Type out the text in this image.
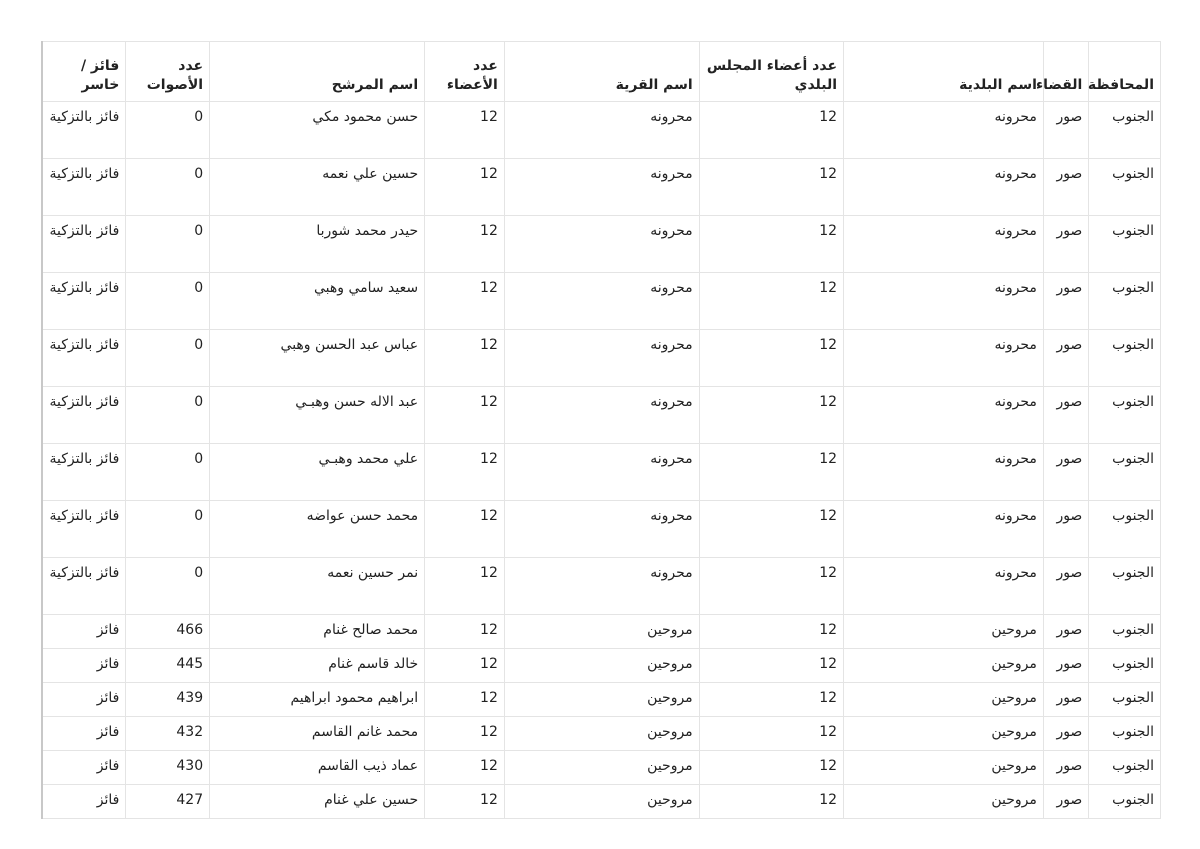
المحافظة	القضاء	اسم البلدية	عدد أعضاء المجلس البلدي	اسم القرية	عدد الأعضاء	اسم المرشح	عدد الأصوات	فائز / خاسر
الجنوب	صور	محرونه	12	محرونه	12	حسن محمود مكي	0	فائز بالتزكية
الجنوب	صور	محرونه	12	محرونه	12	حسين علي نعمه	0	فائز بالتزكية
الجنوب	صور	محرونه	12	محرونه	12	حيدر محمد شوربا	0	فائز بالتزكية
الجنوب	صور	محرونه	12	محرونه	12	سعيد سامي وهبي	0	فائز بالتزكية
الجنوب	صور	محرونه	12	محرونه	12	عباس عبد الحسن وهبي	0	فائز بالتزكية
الجنوب	صور	محرونه	12	محرونه	12	عبد الاله حسن وهبـي	0	فائز بالتزكية
الجنوب	صور	محرونه	12	محرونه	12	علي محمد وهبـي	0	فائز بالتزكية
الجنوب	صور	محرونه	12	محرونه	12	محمد حسن عواضه	0	فائز بالتزكية
الجنوب	صور	محرونه	12	محرونه	12	نمر حسين نعمه	0	فائز بالتزكية
الجنوب	صور	مروحين	12	مروحين	12	محمد صالح غنام	466	فائز
الجنوب	صور	مروحين	12	مروحين	12	خالد قاسم غنام	445	فائز
الجنوب	صور	مروحين	12	مروحين	12	ابراهيم محمود ابراهيم	439	فائز
الجنوب	صور	مروحين	12	مروحين	12	محمد غانم القاسم	432	فائز
الجنوب	صور	مروحين	12	مروحين	12	عماد ذيب القاسم	430	فائز
الجنوب	صور	مروحين	12	مروحين	12	حسين علي غنام	427	فائز
